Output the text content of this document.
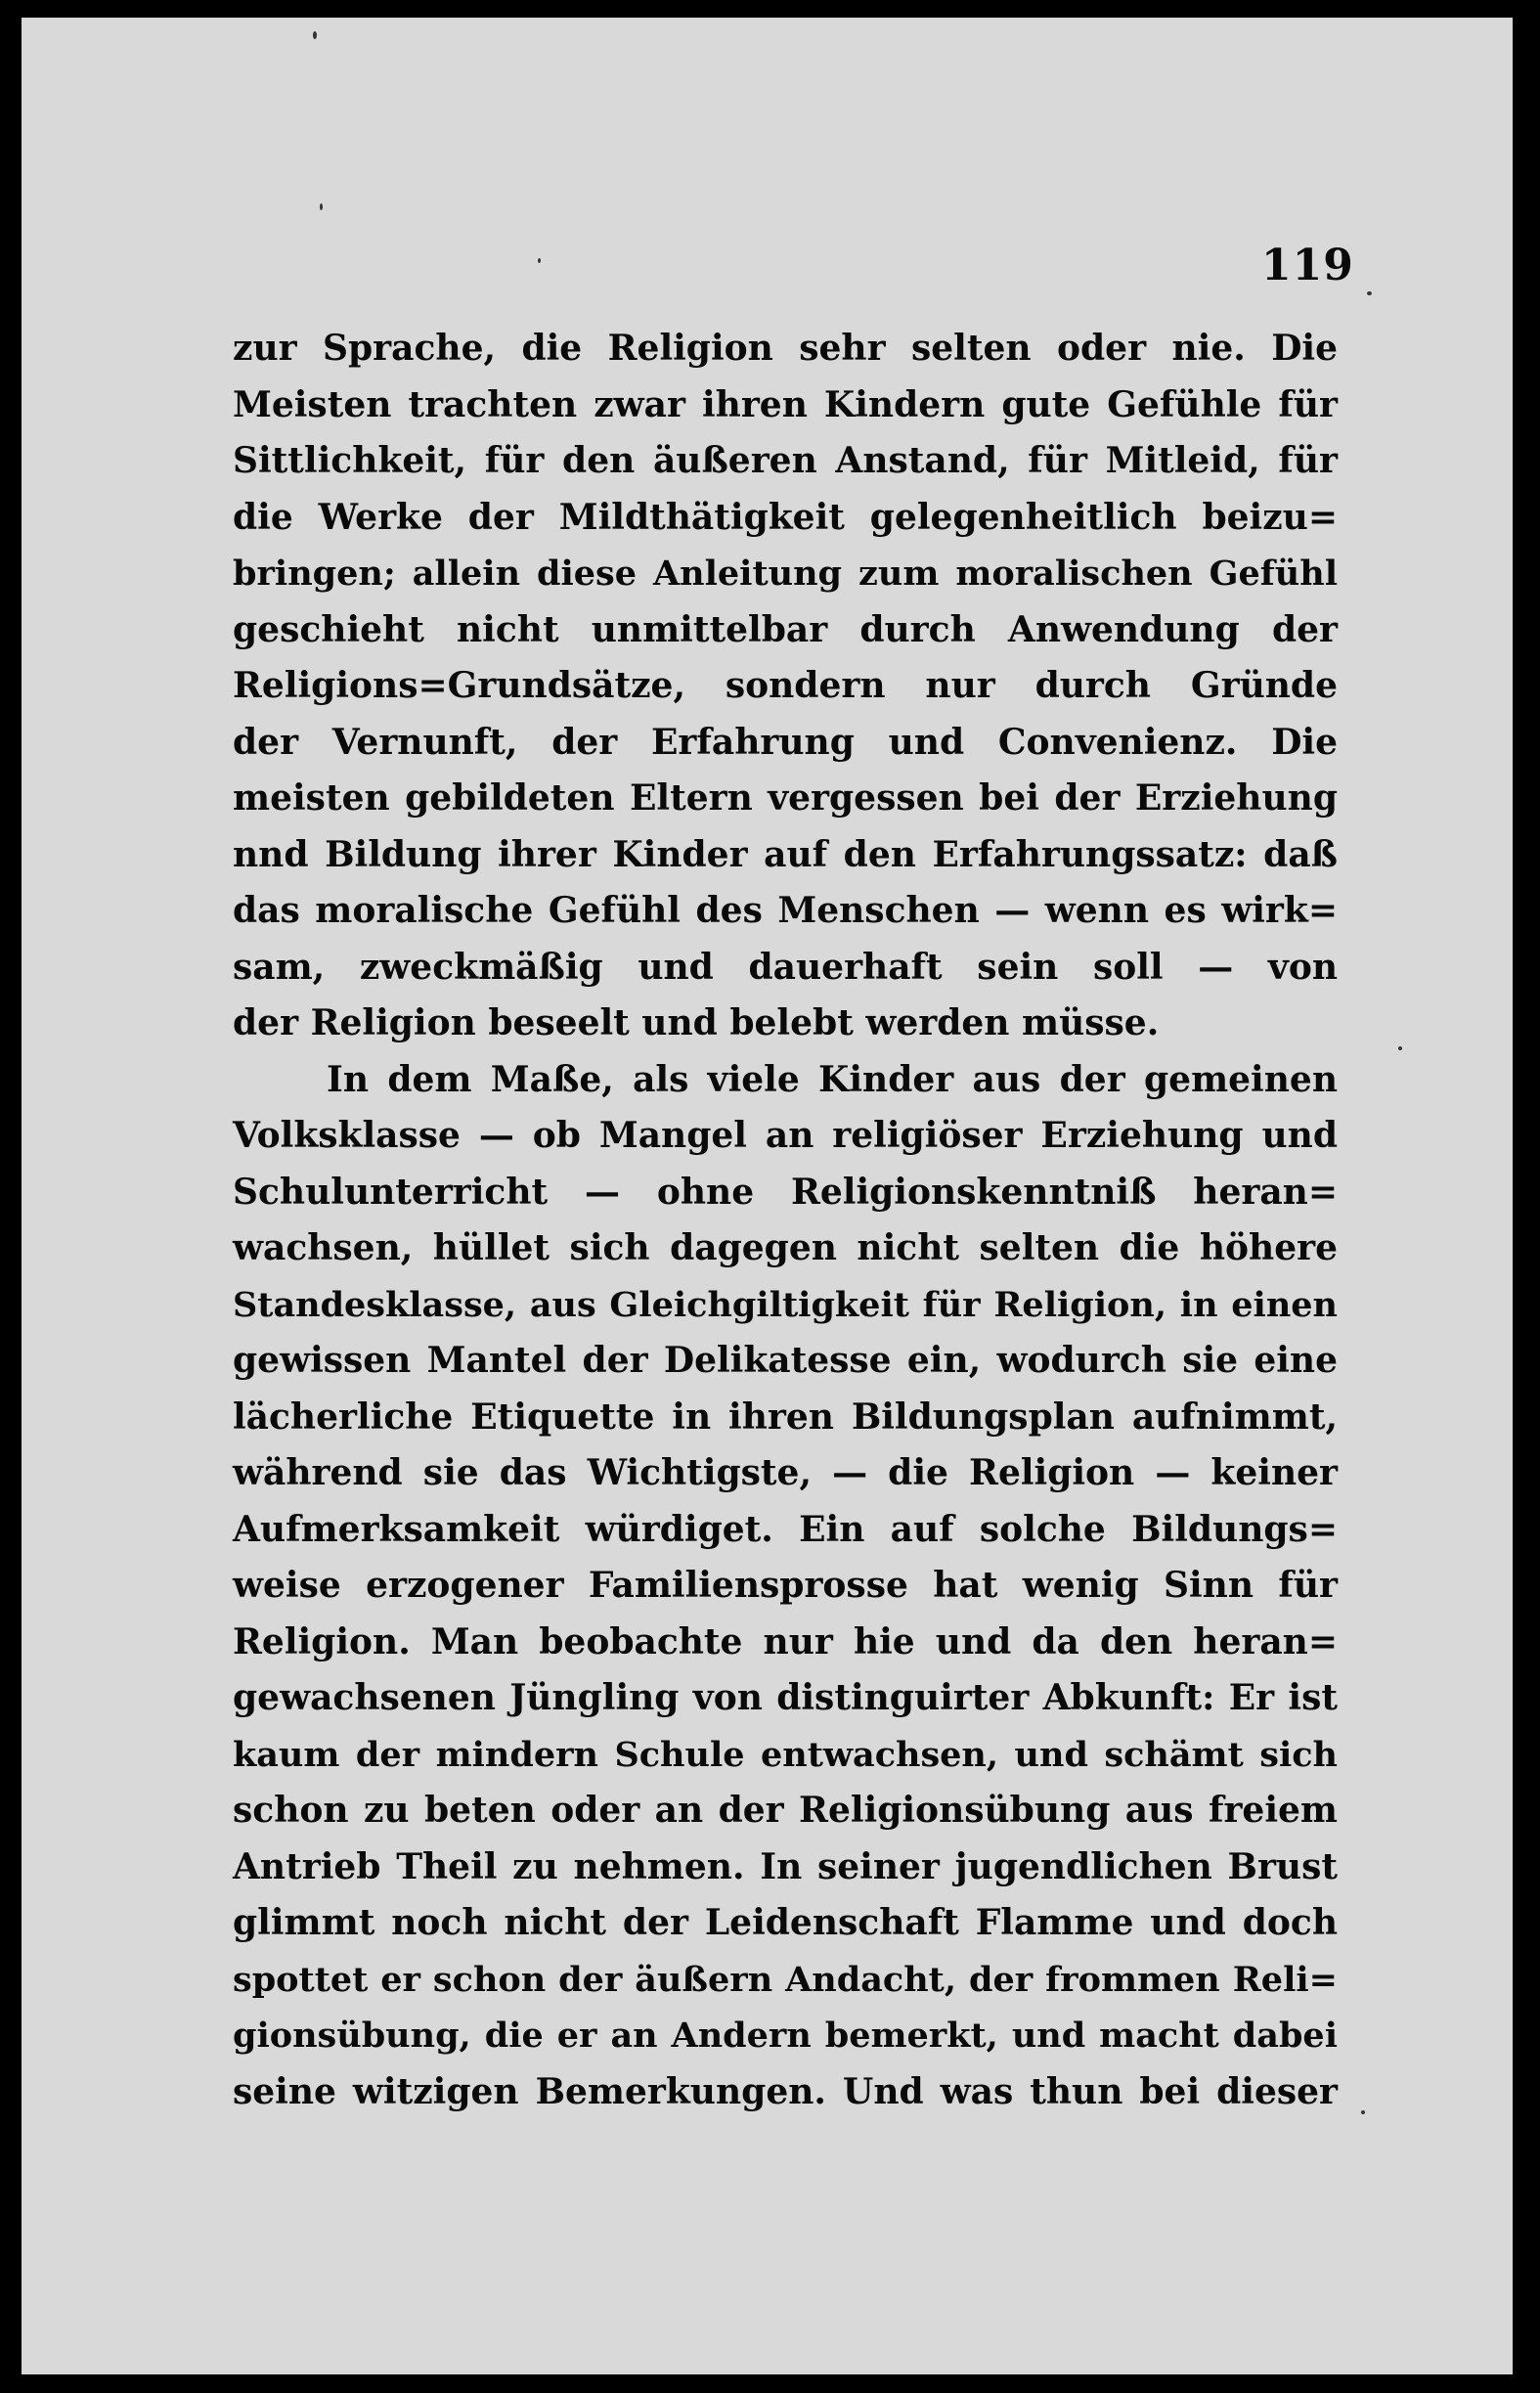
119
zur Sprache, die Religion sehr selten oder nie. Die
Meisten trachten zwar ihren Kindern gute Gefühle für
Sittlichkeit, für den äußeren Anstand, für Mitleid, für
die Werke der Mildthätigkeit gelegenheitlich beizu=
bringen; allein diese Anleitung zum moralischen Gefühl
geschieht nicht unmittelbar durch Anwendung der
Religions=Grundsätze, sondern nur durch Gründe
der Vernunft, der Erfahrung und Convenienz. Die
meisten gebildeten Eltern vergessen bei der Erziehung
nnd Bildung ihrer Kinder auf den Erfahrungssatz: daß
das moralische Gefühl des Menschen — wenn es wirk=
sam, zweckmäßig und dauerhaft sein soll — von
der Religion beseelt und belebt werden müsse.
In dem Maße, als viele Kinder aus der gemeinen
Volksklasse — ob Mangel an religiöser Erziehung und
Schulunterricht — ohne Religionskenntniß heran=
wachsen, hüllet sich dagegen nicht selten die höhere
Standesklasse, aus Gleichgiltigkeit für Religion, in einen
gewissen Mantel der Delikatesse ein, wodurch sie eine
lächerliche Etiquette in ihren Bildungsplan aufnimmt,
während sie das Wichtigste, — die Religion — keiner
Aufmerksamkeit würdiget. Ein auf solche Bildungs=
weise erzogener Familiensprosse hat wenig Sinn für
Religion. Man beobachte nur hie und da den heran=
gewachsenen Jüngling von distinguirter Abkunft: Er ist
kaum der mindern Schule entwachsen, und schämt sich
schon zu beten oder an der Religionsübung aus freiem
Antrieb Theil zu nehmen. In seiner jugendlichen Brust
glimmt noch nicht der Leidenschaft Flamme und doch
spottet er schon der äußern Andacht, der frommen Reli=
gionsübung, die er an Andern bemerkt, und macht dabei
seine witzigen Bemerkungen. Und was thun bei dieser
